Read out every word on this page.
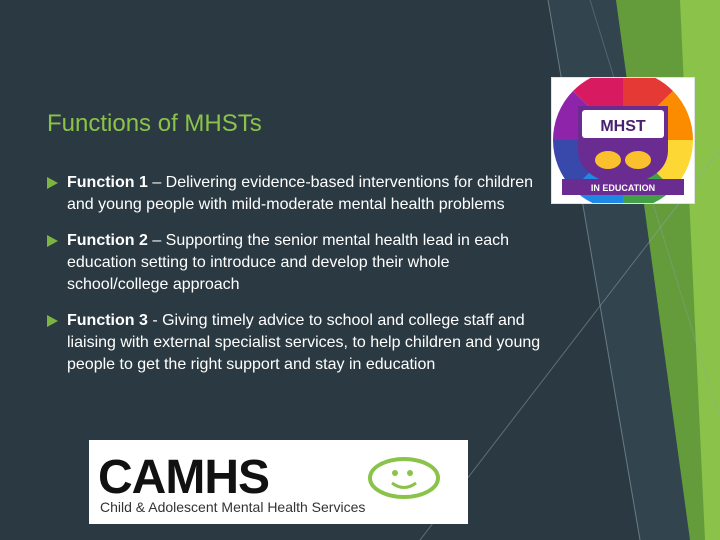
Functions of MHSTs
Function 1 – Delivering evidence-based interventions for children and young people with mild-moderate mental health problems
Function 2 – Supporting the senior mental health lead in each education setting to introduce and develop their whole school/college approach
Function 3 - Giving timely advice to school and college staff and liaising with external specialist services, to help children and young people to get the right support and stay in education
MHST
IN EDUCATION
CAMHS
Child & Adolescent Mental Health Services
